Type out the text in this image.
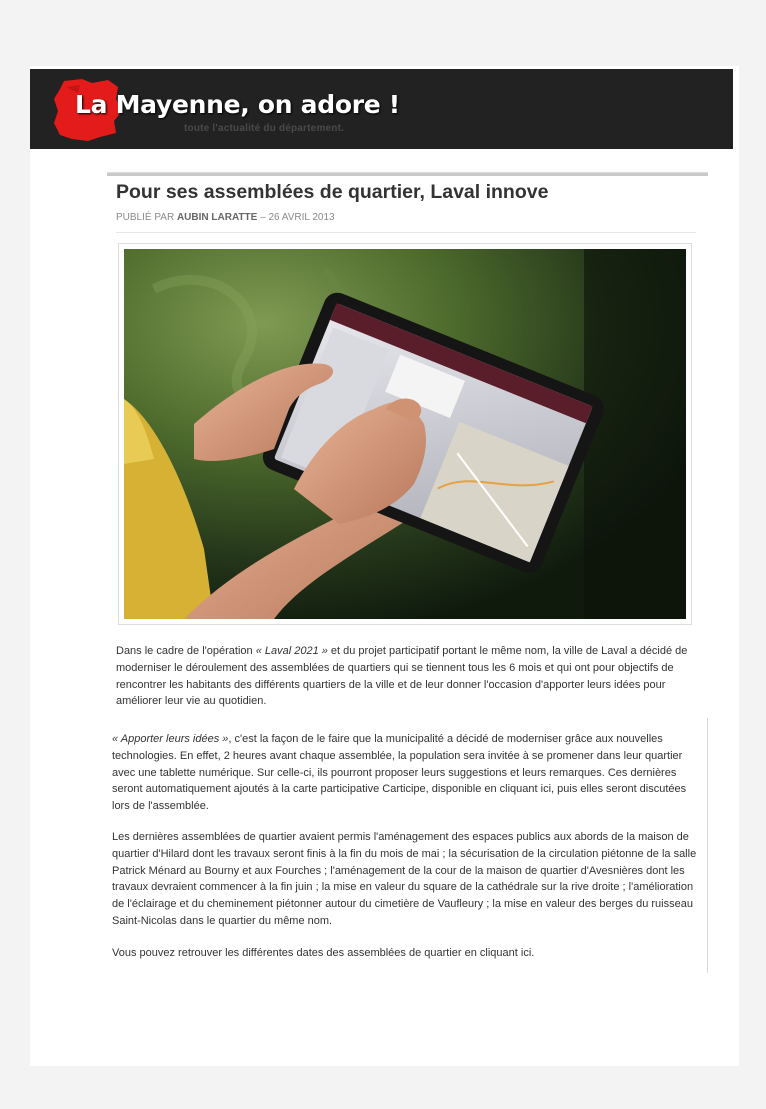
La Mayenne, on adore !
toute l'actualité du département.
Pour ses assemblées de quartier, Laval innove
PUBLIÉ PAR AUBIN LARATTE – 26 AVRIL 2013

Dans le cadre de l'opération « Laval 2021 » et du projet participatif portant le même nom, la ville de Laval a décidé de moderniser le déroulement des assemblées de quartiers qui se tiennent tous les 6 mois et qui ont pour objectifs de rencontrer les habitants des différents quartiers de la ville et de leur donner l'occasion d'apporter leurs idées pour améliorer leur vie au quotidien.

« Apporter leurs idées », c'est la façon de le faire que la municipalité a décidé de moderniser grâce aux nouvelles technologies. En effet, 2 heures avant chaque assemblée, la population sera invitée à se promener dans leur quartier avec une tablette numérique. Sur celle-ci, ils pourront proposer leurs suggestions et leurs remarques. Ces dernières seront automatiquement ajoutés à la carte participative Carticipe, disponible en cliquant ici, puis elles seront discutées lors de l'assemblée.

Les dernières assemblées de quartier avaient permis l'aménagement des espaces publics aux abords de la maison de quartier d'Hilard dont les travaux seront finis à la fin du mois de mai ; la sécurisation de la circulation piétonne de la salle Patrick Ménard au Bourny et aux Fourches ; l'aménagement de la cour de la maison de quartier d'Avesnières dont les travaux devraient commencer à la fin juin ; la mise en valeur du square de la cathédrale sur la rive droite ; l'amélioration de l'éclairage et du cheminement piétonner autour du cimetière de Vaufleury ; la mise en valeur des berges du ruisseau Saint-Nicolas dans le quartier du même nom.

Vous pouvez retrouver les différentes dates des assemblées de quartier en cliquant ici.
